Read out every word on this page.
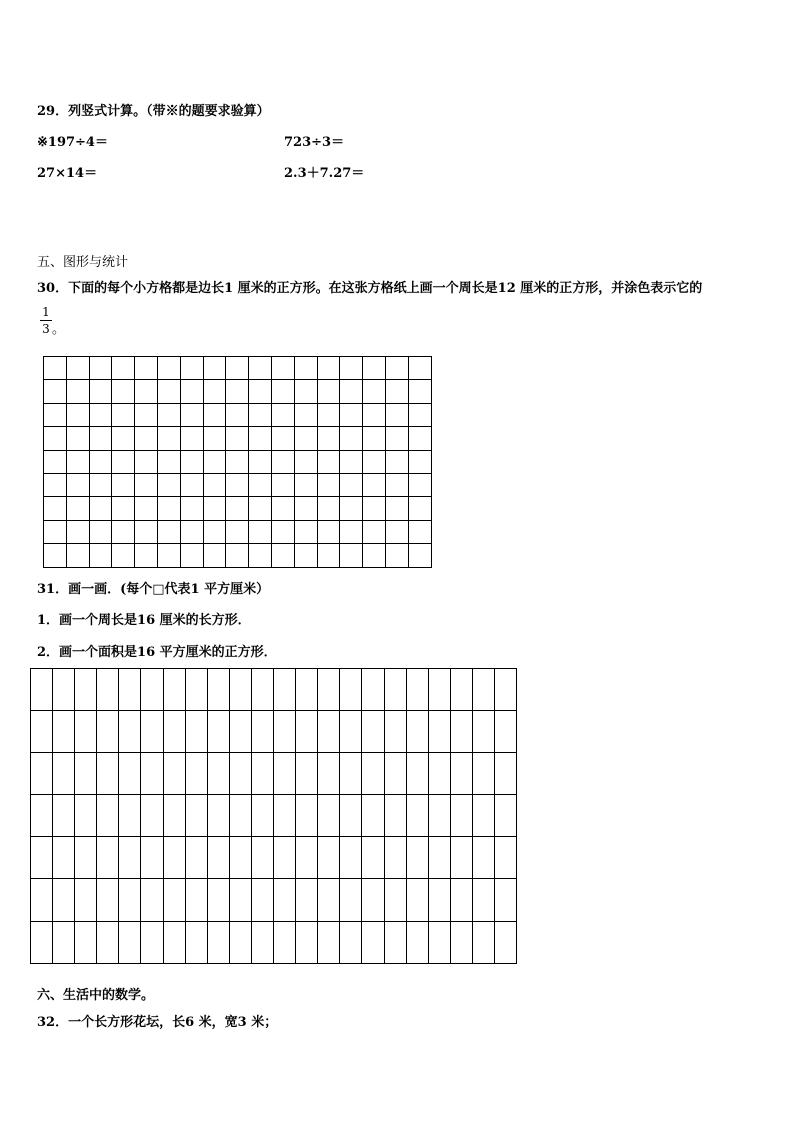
29．列竖式计算。（带※的题要求验算）
※197÷4＝	723÷3＝
27×14＝	2.3＋7.27＝
五、图形与统计
30．下面的每个小方格都是边长1 厘米的正方形。在这张方格纸上画一个周长是12 厘米的正方形，并涂色表示它的
1
3 。

31．画一画．(每个□代表1 平方厘米）
1．画一个周长是16 厘米的长方形．
2．画一个面积是16 平方厘米的正方形．

六、生活中的数学。
32．一个长方形花坛，长6 米，宽3 米；
